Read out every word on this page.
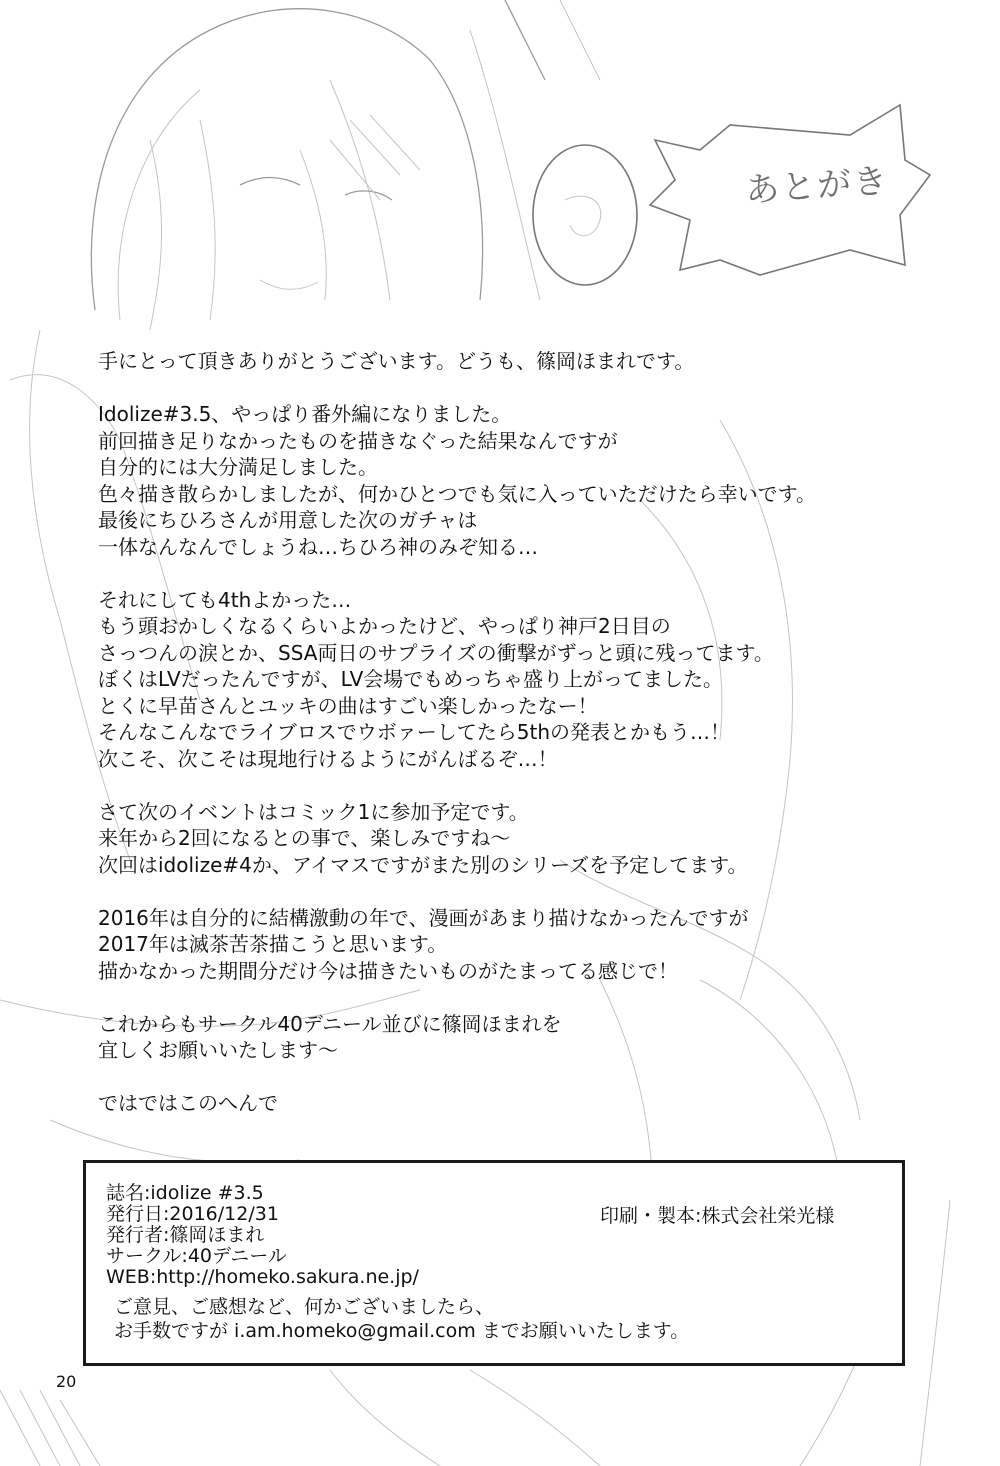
あとがき
手にとって頂きありがとうございます。どうも、篠岡ほまれです。
Idolize#3.5、やっぱり番外編になりました。
前回描き足りなかったものを描きなぐった結果なんですが
自分的には大分満足しました。
色々描き散らかしましたが、何かひとつでも気に入っていただけたら幸いです。
最後にちひろさんが用意した次のガチャは
一体なんなんでしょうね…ちひろ神のみぞ知る…
それにしても4thよかった…
もう頭おかしくなるくらいよかったけど、やっぱり神戸2日目の
さっつんの涙とか、SSA両日のサプライズの衝撃がずっと頭に残ってます。
ぼくはLVだったんですが、LV会場でもめっちゃ盛り上がってました。
とくに早苗さんとユッキの曲はすごい楽しかったなー！
そんなこんなでライブロスでウボァーしてたら5thの発表とかもう…！
次こそ、次こそは現地行けるようにがんばるぞ…！
さて次のイベントはコミック1に参加予定です。
来年から2回になるとの事で、楽しみですね～
次回はidolize#4か、アイマスですがまた別のシリーズを予定してます。
2016年は自分的に結構激動の年で、漫画があまり描けなかったんですが
2017年は滅茶苦茶描こうと思います。
描かなかった期間分だけ今は描きたいものがたまってる感じで！
これからもサークル40デニール並びに篠岡ほまれを
宜しくお願いいたします～
ではではこのへんで
誌名:idolize #3.5
発行日:2016/12/31
発行者:篠岡ほまれ
サークル:40デニール
WEB:http://homeko.sakura.ne.jp/
印刷・製本:株式会社栄光様
ご意見、ご感想など、何かございましたら、
お手数ですが i.am.homeko@gmail.com までお願いいたします。
20
